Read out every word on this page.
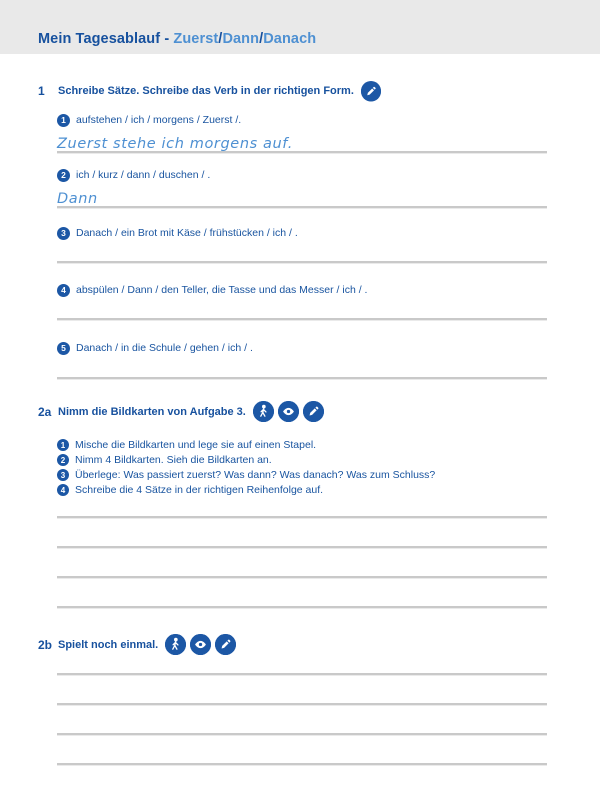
Mein Tagesablauf - Zuerst/Dann/Danach
1	Schreibe Sätze. Schreibe das Verb in der richtigen Form.
1 aufstehen / ich / morgens / Zuerst /.
Zuerst stehe ich morgens auf.
2 ich / kurz / dann / duschen / .
Dann
3 Danach / ein Brot mit Käse / frühstücken / ich / .
4 abspülen / Dann / den Teller, die Tasse und das Messer / ich / .
5 Danach / in die Schule / gehen / ich / .
2a Nimm die Bildkarten von Aufgabe 3.
1 Mische die Bildkarten und lege sie auf einen Stapel.
2 Nimm 4 Bildkarten. Sieh die Bildkarten an.
3 Überlege: Was passiert zuerst? Was dann? Was danach? Was zum Schluss?
4 Schreibe die 4 Sätze in der richtigen Reihenfolge auf.
2b Spielt noch einmal.
